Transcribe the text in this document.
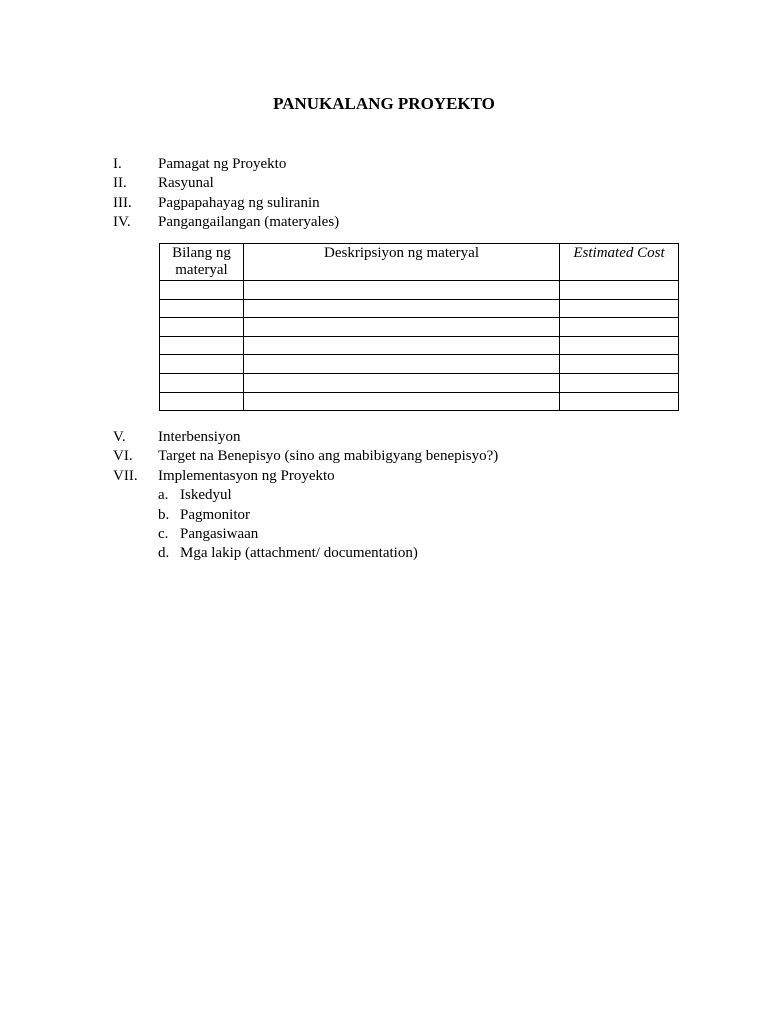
PANUKALANG PROYEKTO
I.	Pamagat ng Proyekto
II.	Rasyunal
III.	Pagpapahayag ng suliranin
IV.	Pangangailangan (materyales)
Bilang ng materyal	Deskripsiyon ng materyal	Estimated Cost

V.	Interbensiyon
VI.	Target na Benepisyo (sino ang mabibigyang benepisyo?)
VII.	Implementasyon ng Proyekto
a. Iskedyul
b. Pagmonitor
c. Pangasiwaan
d. Mga lakip (attachment/ documentation)
